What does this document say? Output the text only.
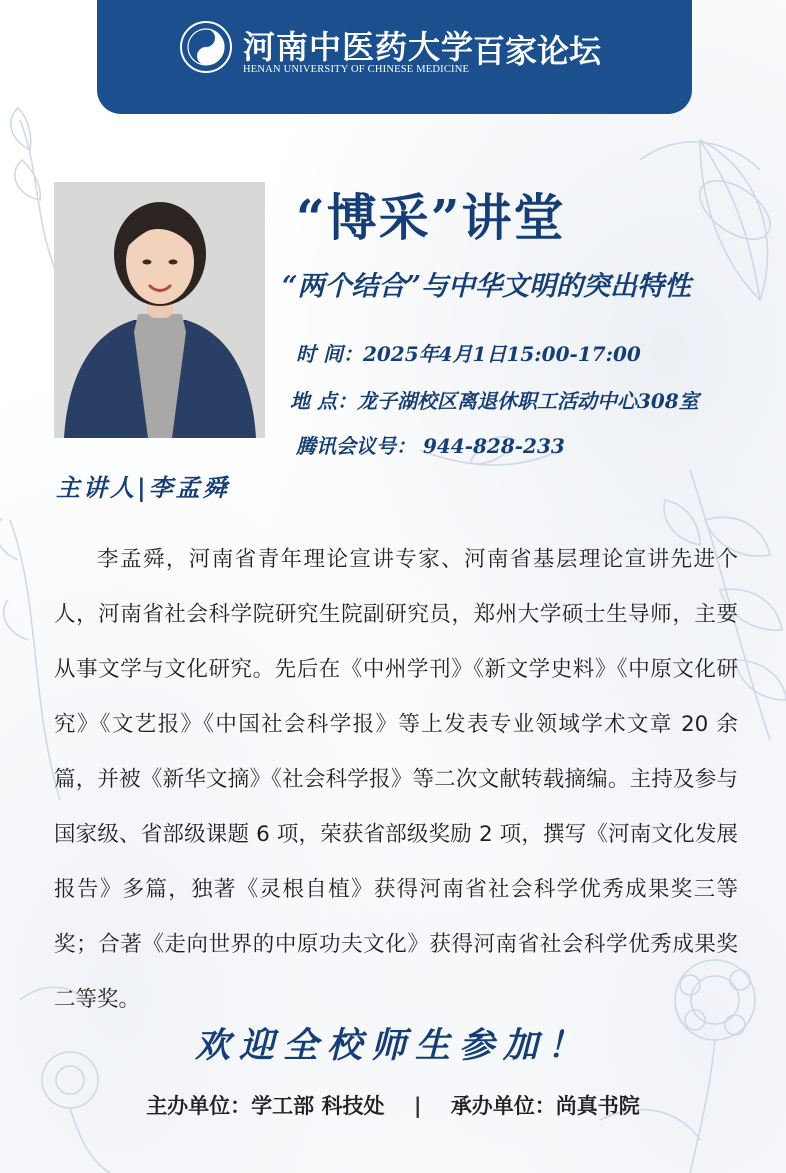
河南中医药大学
HENAN UNIVERSITY OF CHINESE MEDICINE 百家论坛
“博采”讲堂
“两个结合”与中华文明的突出特性
时 间：2025年4月1日15:00-17:00
地 点：龙子湖校区离退休职工活动中心308室
腾讯会议号： 944-828-233
主讲人|李孟舜

李孟舜，河南省青年理论宣讲专家、河南省基层理论宣讲先进个人，河南省社会科学院研究生院副研究员，郑州大学硕士生导师，主要从事文学与文化研究。先后在《中州学刊》《新文学史料》《中原文化研究》《文艺报》《中国社会科学报》等上发表专业领域学术文章 20 余篇，并被《新华文摘》《社会科学报》等二次文献转载摘编。主持及参与国家级、省部级课题 6 项，荣获省部级奖励 2 项，撰写《河南文化发展报告》多篇，独著《灵根自植》获得河南省社会科学优秀成果奖三等奖；合著《走向世界的中原功夫文化》获得河南省社会科学优秀成果奖二等奖。

欢迎全校师生参加！
主办单位：学工部 科技处 | 承办单位：尚真书院
